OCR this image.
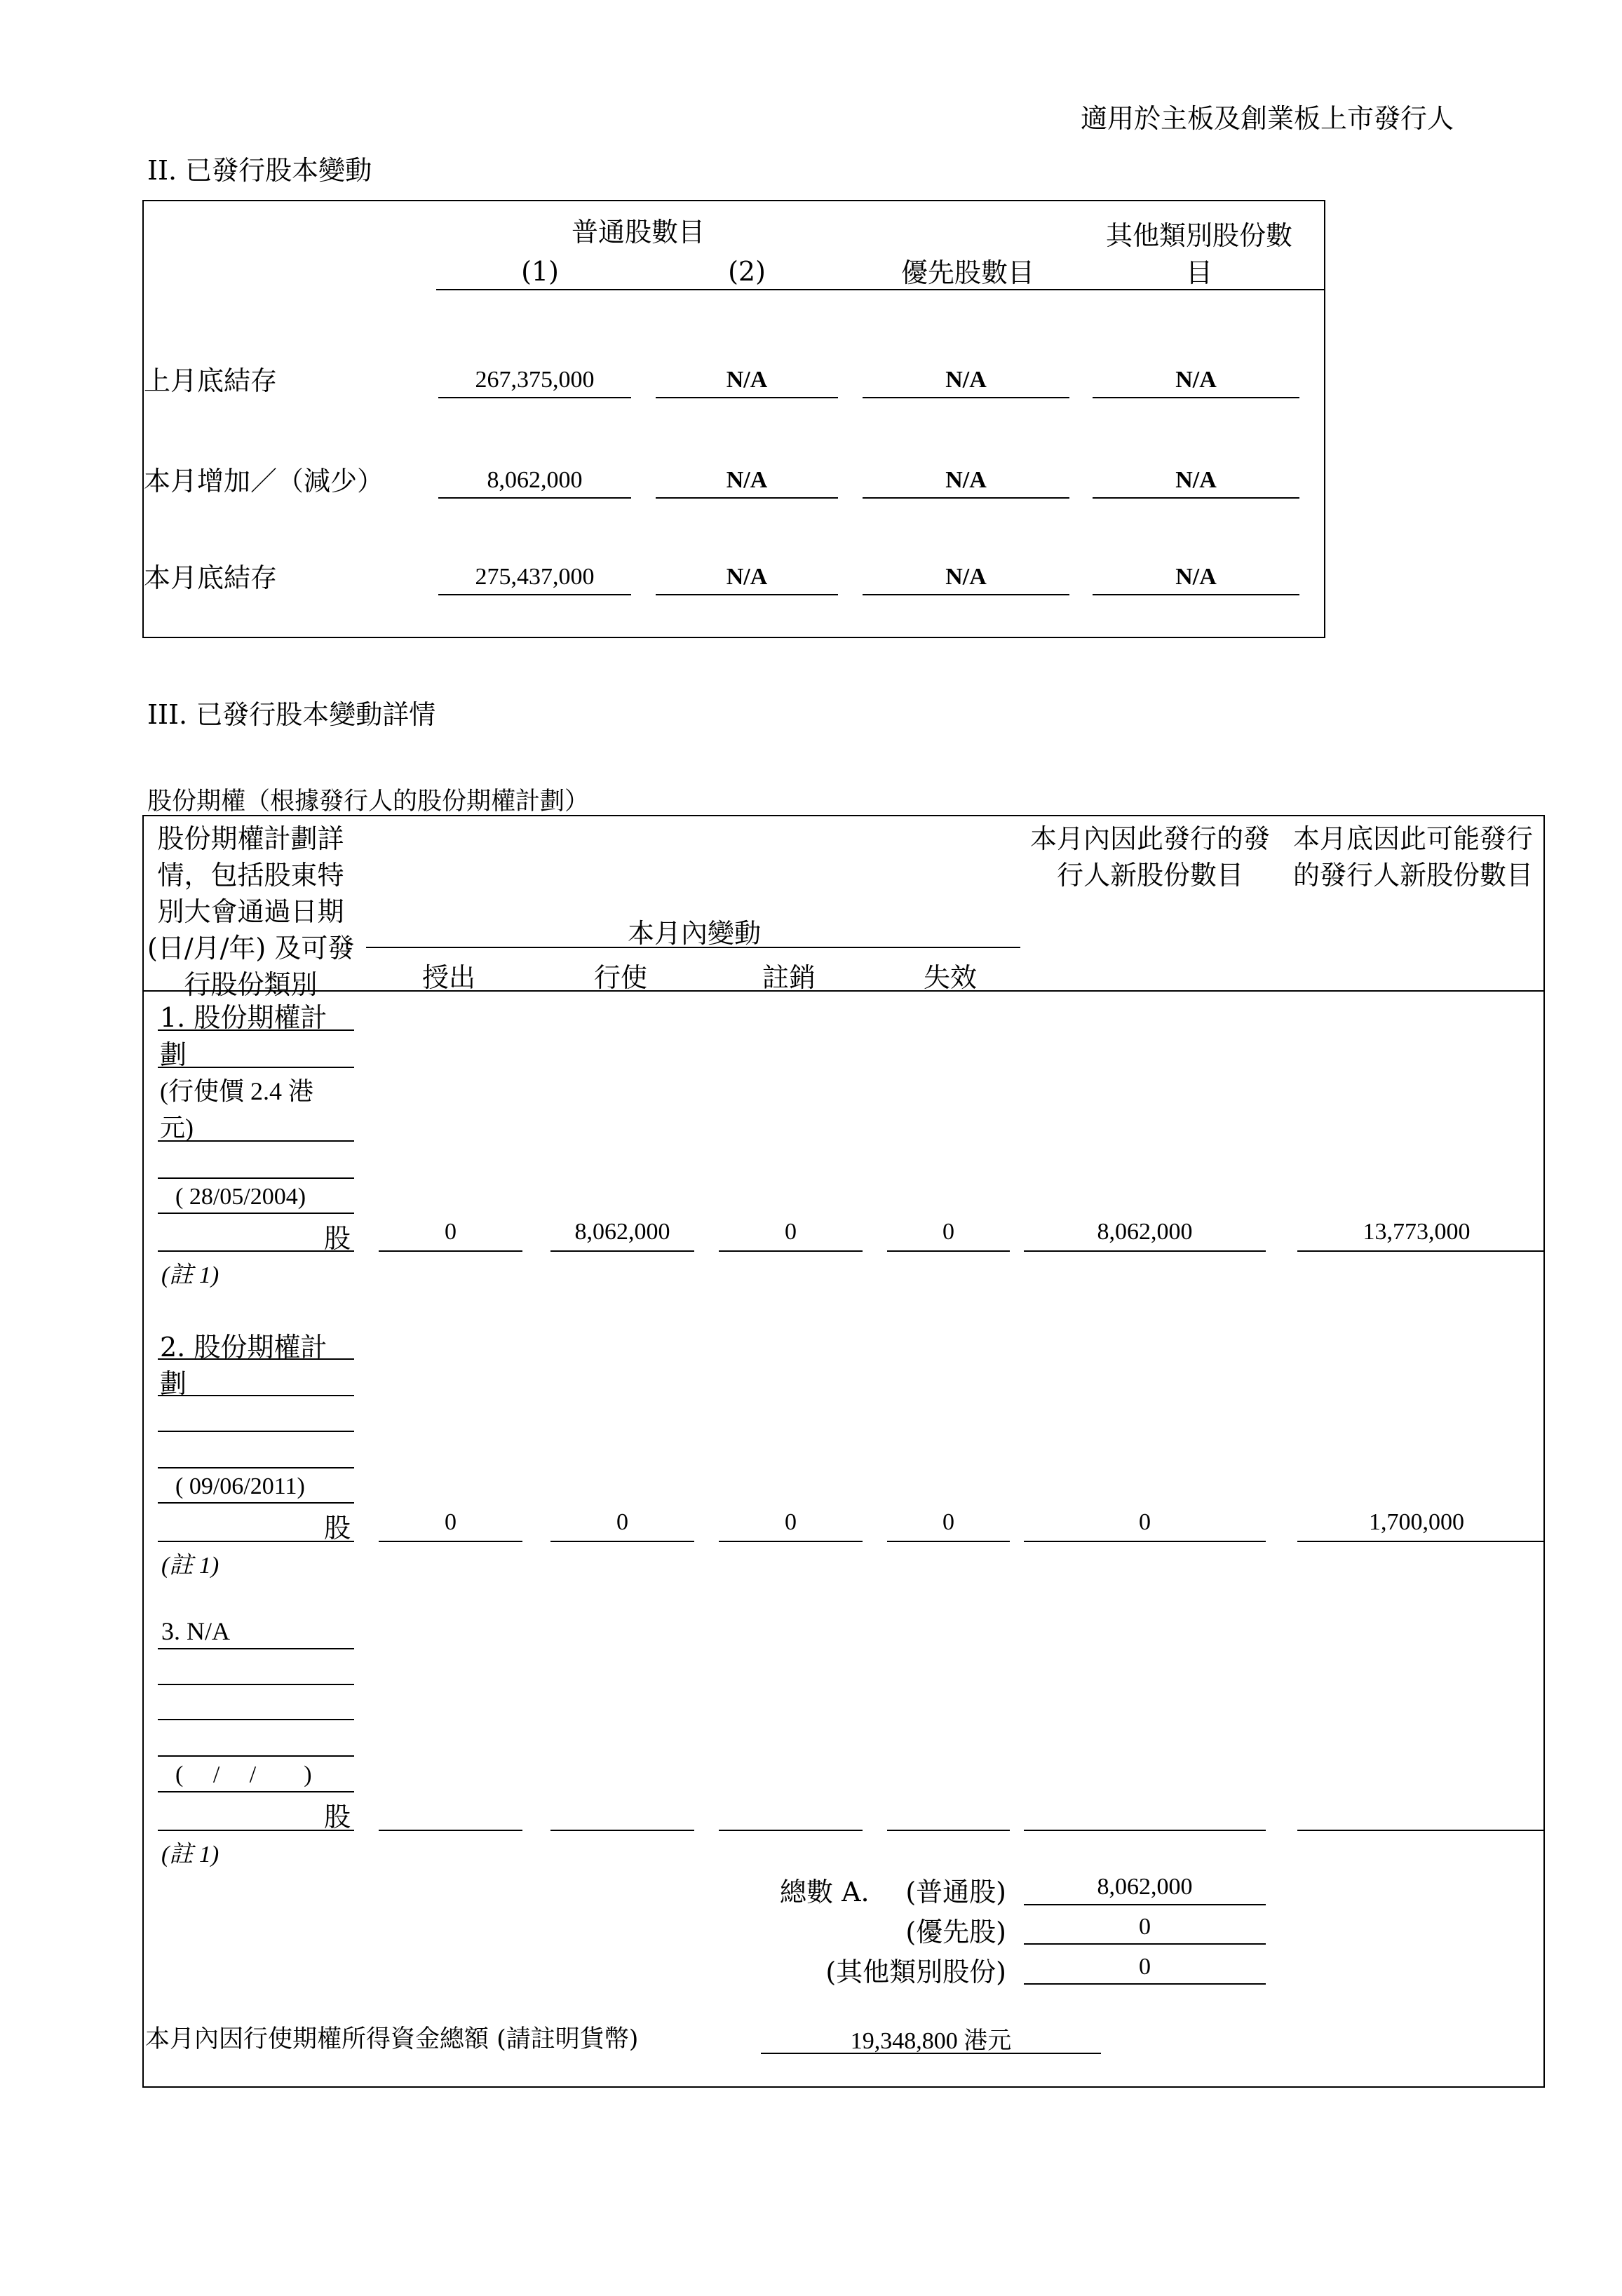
適用於主板及創業板上市發行人
II. 已發行股本變動
普通股數目
(1)	(2)	優先股數目
其他類別股份數
目
上月底結存	267,375,000	N/A	N/A	N/A
本月增加／（減少）	8,062,000	N/A	N/A	N/A
本月底結存	275,437,000	N/A	N/A	N/A
III. 已發行股本變動詳情
股份期權（根據發行人的股份期權計劃）
股份期權計劃詳
情，包括股東特
別大會通過日期
(日/月/年) 及可發
行股份類別
本月內變動
授出	行使	註銷	失效
本月內因此發行的發
行人新股份數目
本月底因此可能發行
的發行人新股份數目
1. 股份期權計
劃
(行使價 2.4 港
元)
( 28/05/2004)
股
(註 1)
0	8,062,000	0	0	8,062,000	13,773,000
2. 股份期權計
劃
( 09/06/2011)
股
(註 1)
0	0	0	0	0	1,700,000
3. N/A
(     /     /        )
股
(註 1)
總數 A.	(普通股)	8,062,000
(優先股)	0
(其他類別股份)	0
本月內因行使期權所得資金總額 (請註明貨幣)	19,348,800 港元
